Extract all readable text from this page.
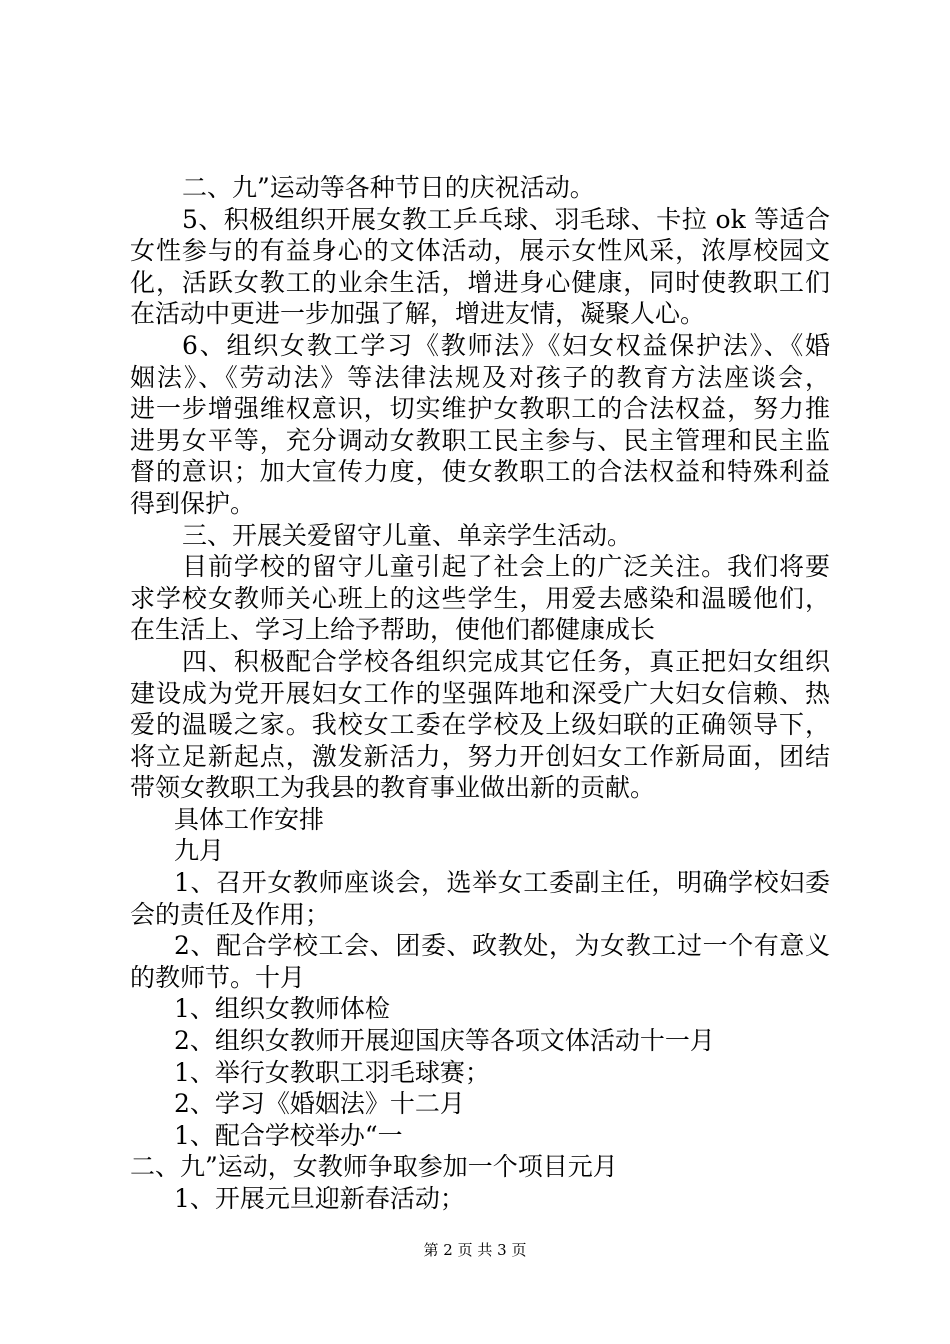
二、九”运动等各种节日的庆祝活动。
5、积极组织开展女教工乒乓球、羽毛球、卡拉 ok 等适合
女性参与的有益身心的文体活动，展示女性风采，浓厚校园文
化，活跃女教工的业余生活，增进身心健康，同时使教职工们
在活动中更进一步加强了解，增进友情，凝聚人心。
6、组织女教工学习《教师法》《妇女权益保护法》、《婚
姻法》、《劳动法》等法律法规及对孩子的教育方法座谈会，
进一步增强维权意识，切实维护女教职工的合法权益，努力推
进男女平等，充分调动女教职工民主参与、民主管理和民主监
督的意识；加大宣传力度，使女教职工的合法权益和特殊利益
得到保护。
三、开展关爱留守儿童、单亲学生活动。
目前学校的留守儿童引起了社会上的广泛关注。我们将要
求学校女教师关心班上的这些学生，用爱去感染和温暖他们，
在生活上、学习上给予帮助，使他们都健康成长
四、积极配合学校各组织完成其它任务，真正把妇女组织
建设成为党开展妇女工作的坚强阵地和深受广大妇女信赖、热
爱的温暖之家。我校女工委在学校及上级妇联的正确领导下，
将立足新起点，激发新活力，努力开创妇女工作新局面，团结
带领女教职工为我县的教育事业做出新的贡献。
具体工作安排
九月
1、召开女教师座谈会，选举女工委副主任，明确学校妇委
会的责任及作用；
2、配合学校工会、团委、政教处，为女教工过一个有意义
的教师节。十月
1、组织女教师体检
2、组织女教师开展迎国庆等各项文体活动十一月
1、举行女教职工羽毛球赛；
2、学习《婚姻法》十二月
1、配合学校举办“一
二、九”运动，女教师争取参加一个项目元月
1、开展元旦迎新春活动；
第 2 页 共 3 页
